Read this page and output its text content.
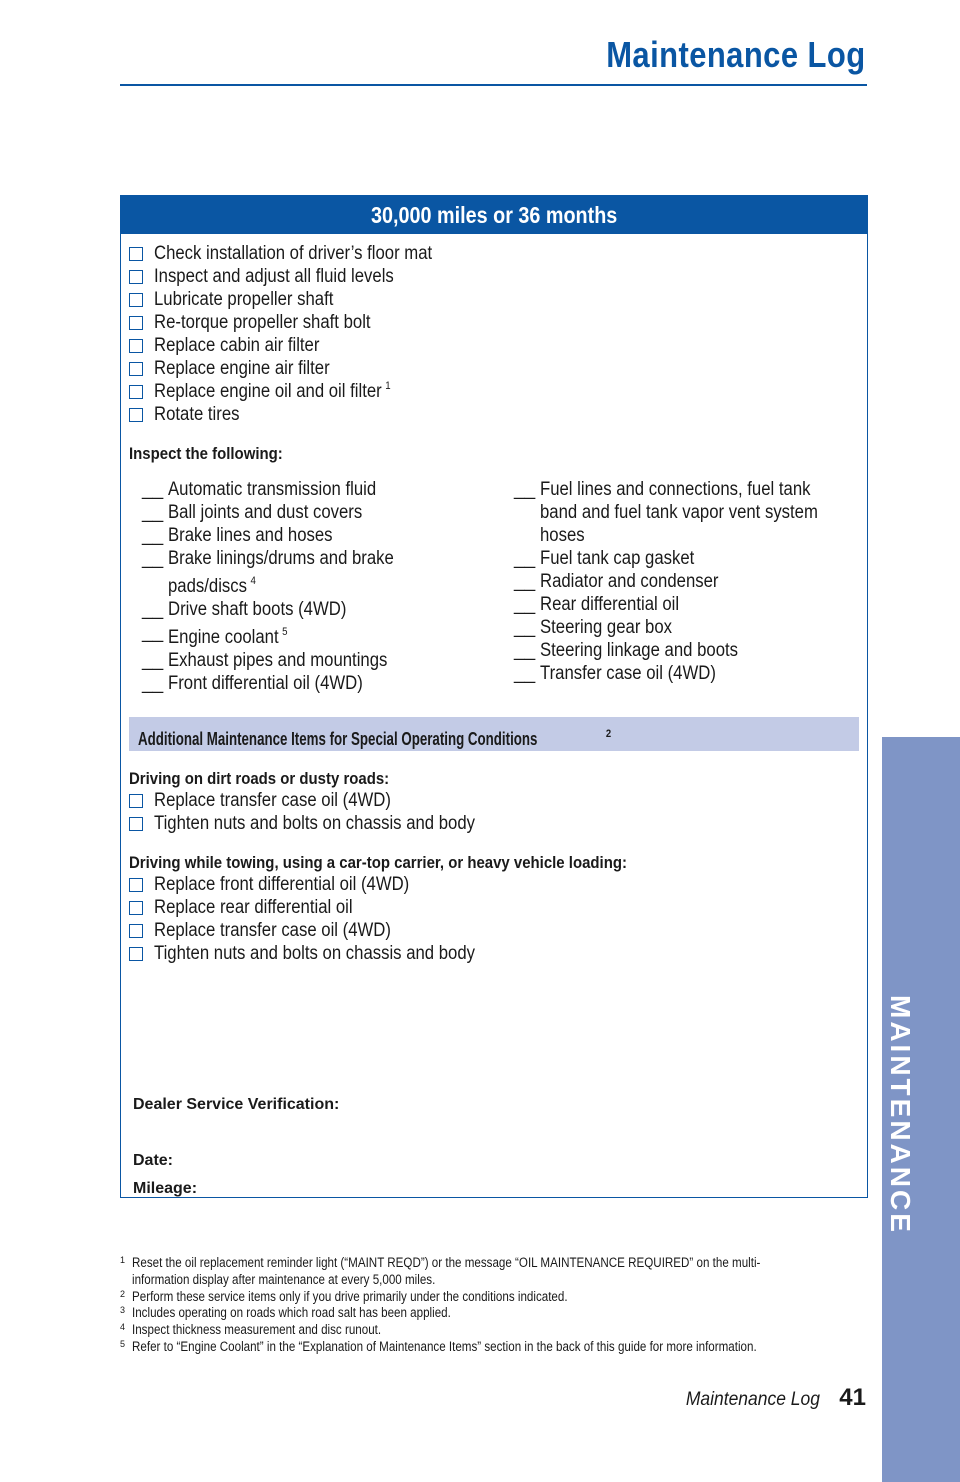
Maintenance Log
MAINTENANCE
30,000 miles or 36 months
Check installation of driver’s floor mat
Inspect and adjust all fluid levels
Lubricate propeller shaft
Re-torque propeller shaft bolt
Replace cabin air filter
Replace engine air filter
Replace engine oil and oil filter $^1$
Rotate tires
Inspect the following:
__ Automatic transmission fluid
__ Ball joints and dust covers
__ Brake lines and hoses
__ Brake linings/drums and brake pads/discs $^4$
__ Drive shaft boots (4WD)
__ Engine coolant $^5$
__ Exhaust pipes and mountings
__ Front differential oil (4WD)
__ Fuel lines and connections, fuel tank band and fuel tank vapor vent system hoses
__ Fuel tank cap gasket
__ Radiator and condenser
__ Rear differential oil
__ Steering gear box
__ Steering linkage and boots
__ Transfer case oil (4WD)
Additional Maintenance Items for Special Operating Conditions	$^2$
Driving on dirt roads or dusty roads:
Replace transfer case oil (4WD)
Tighten nuts and bolts on chassis and body
Driving while towing, using a car-top carrier, or heavy vehicle loading:
Replace front differential oil (4WD)
Replace rear differential oil
Replace transfer case oil (4WD)
Tighten nuts and bolts on chassis and body
Dealer Service Verification:
Date:
Mileage:
1 Reset the oil replacement reminder light (“MAINT REQD”) or the message “OIL MAINTENANCE REQUIRED” on the multi-information display after maintenance at every 5,000 miles.
2 Perform these service items only if you drive primarily under the conditions indicated.
3 Includes operating on roads which road salt has been applied.
4 Inspect thickness measurement and disc runout.
5 Refer to “Engine Coolant” in the “Explanation of Maintenance Items” section in the back of this guide for more information.
Maintenance Log 41
